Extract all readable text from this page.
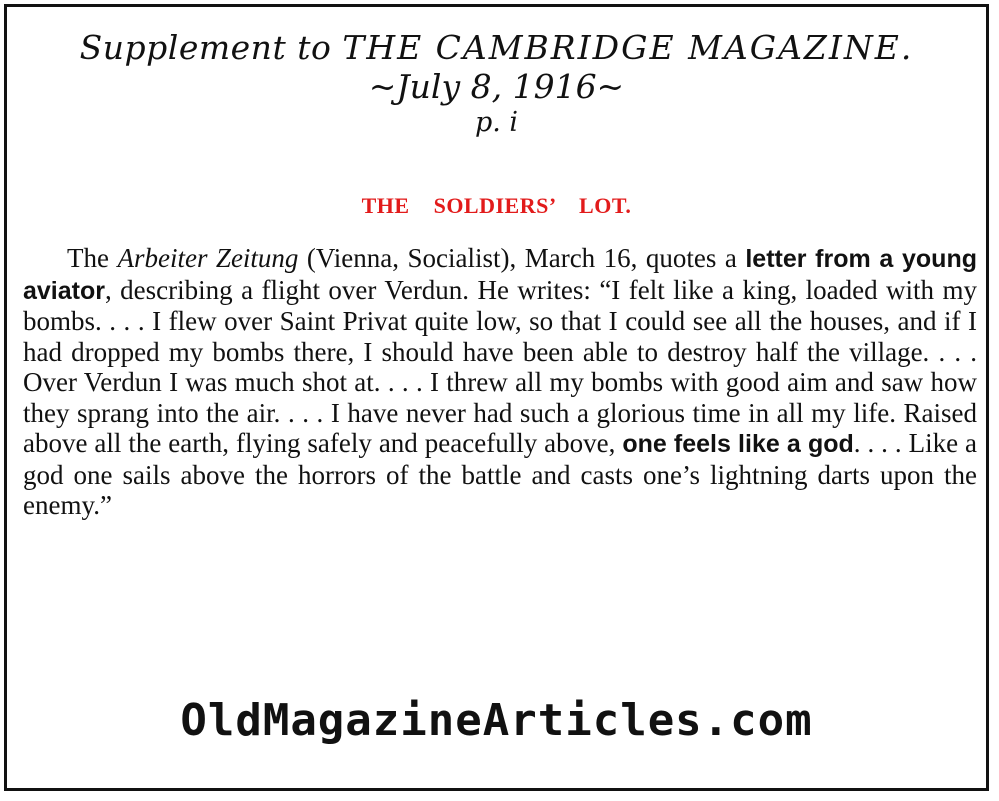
Supplement to THE CAMBRIDGE MAGAZINE.
~July 8, 1916~
p. i
THE SOLDIERS’ LOT.
The Arbeiter Zeitung (Vienna, Socialist), March 16, quotes a letter from a young aviator, describing a flight over Verdun. He writes: “I felt like a king, loaded with my bombs. . . . I flew over Saint Privat quite low, so that I could see all the houses, and if I had dropped my bombs there, I should have been able to destroy half the village. . . . Over Verdun I was much shot at. . . . I threw all my bombs with good aim and saw how they sprang into the air. . . . I have never had such a glorious time in all my life. Raised above all the earth, flying safely and peacefully above, one feels like a god. . . . Like a god one sails above the horrors of the battle and casts one’s lightning darts upon the enemy.”
OldMagazineArticles.com
